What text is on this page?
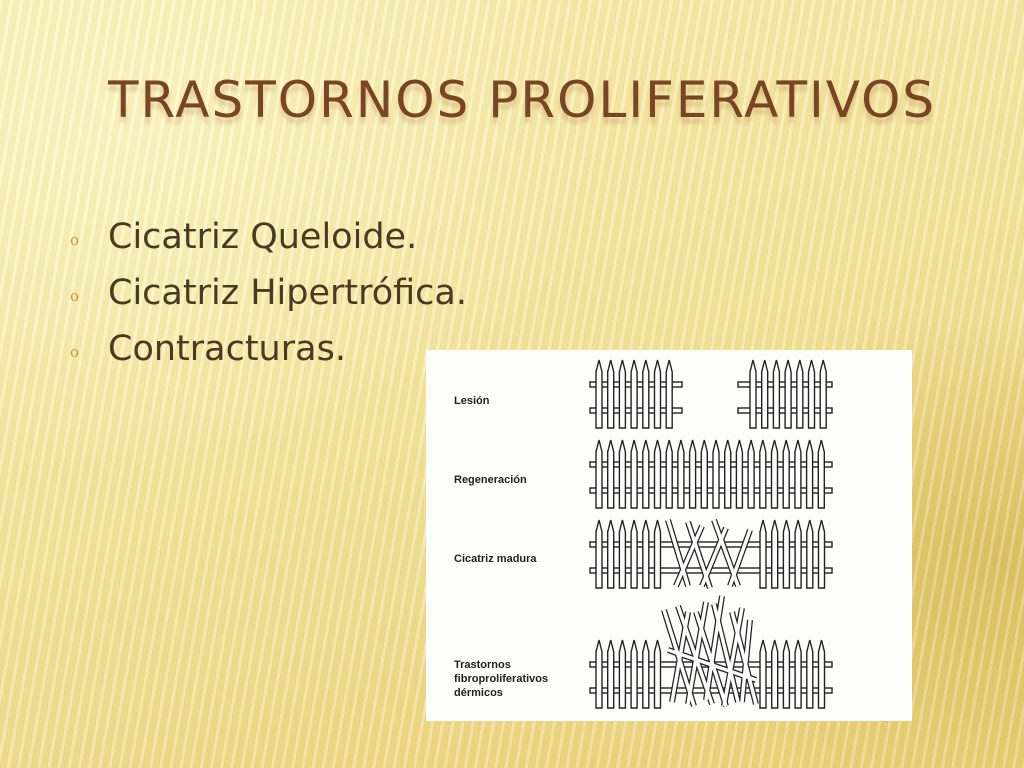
TRASTORNOS PROLIFERATIVOS
o Cicatriz Queloide.
o Cicatriz Hipertrófica.
o Contracturas.
Lesión
Regeneración
Cicatriz madura
Trastornos
fibroproliferativos
dérmicos
